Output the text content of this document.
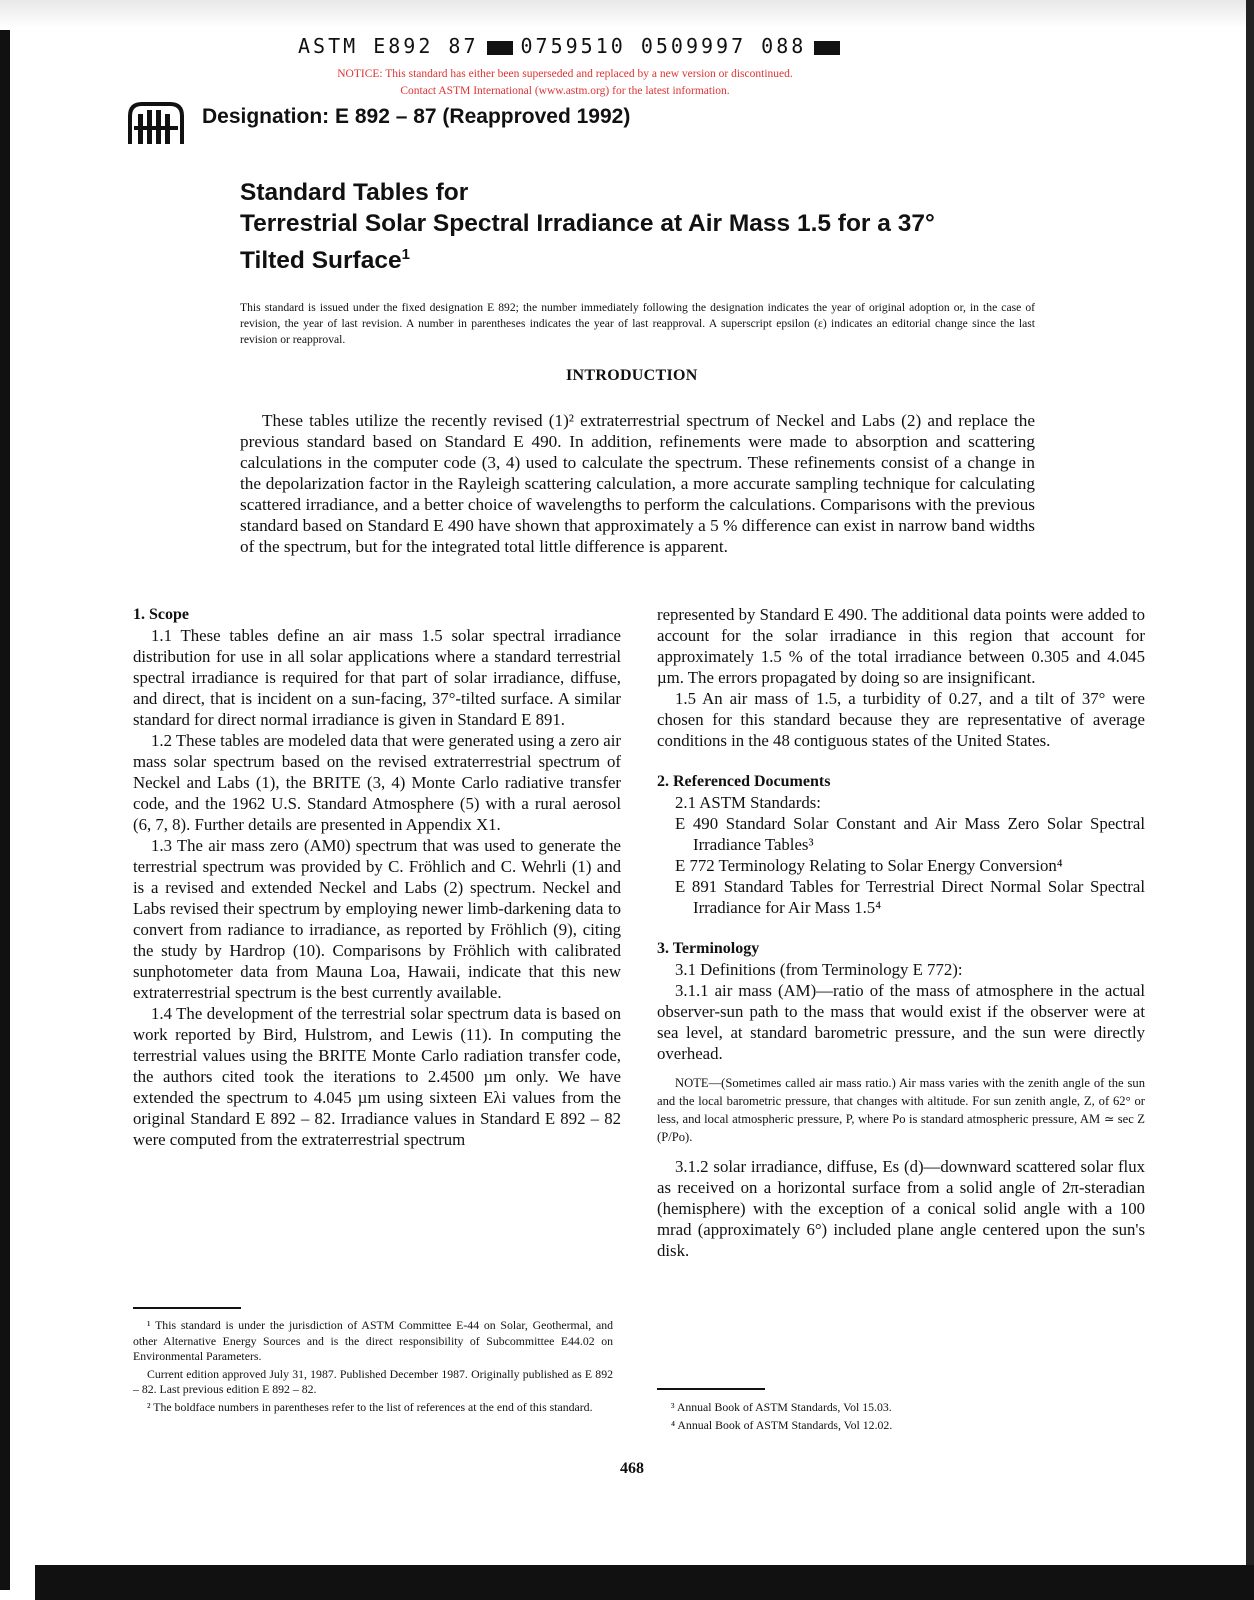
ASTM E892 87 0759510 0509997 088
NOTICE: This standard has either been superseded and replaced by a new version or discontinued.
Contact ASTM International (www.astm.org) for the latest information.
Designation: E 892 – 87 (Reapproved 1992)
Standard Tables for
Terrestrial Solar Spectral Irradiance at Air Mass 1.5 for a 37°
Tilted Surface$^1$
This standard is issued under the fixed designation E 892; the number immediately following the designation indicates the year of original adoption or, in the case of revision, the year of last revision. A number in parentheses indicates the year of last reapproval. A superscript epsilon (ε) indicates an editorial change since the last revision or reapproval.
INTRODUCTION

These tables utilize the recently revised (1)² extraterrestrial spectrum of Neckel and Labs (2) and replace the previous standard based on Standard E 490. In addition, refinements were made to absorption and scattering calculations in the computer code (3, 4) used to calculate the spectrum. These refinements consist of a change in the depolarization factor in the Rayleigh scattering calculation, a more accurate sampling technique for calculating scattered irradiance, and a better choice of wavelengths to perform the calculations. Comparisons with the previous standard based on Standard E 490 have shown that approximately a 5 % difference can exist in narrow band widths of the spectrum, but for the integrated total little difference is apparent.

1. Scope

1.1 These tables define an air mass 1.5 solar spectral irradiance distribution for use in all solar applications where a standard terrestrial spectral irradiance is required for that part of solar irradiance, diffuse, and direct, that is incident on a sun-facing, 37°-tilted surface. A similar standard for direct normal irradiance is given in Standard E 891.

1.2 These tables are modeled data that were generated using a zero air mass solar spectrum based on the revised extraterrestrial spectrum of Neckel and Labs (1), the BRITE (3, 4) Monte Carlo radiative transfer code, and the 1962 U.S. Standard Atmosphere (5) with a rural aerosol (6, 7, 8). Further details are presented in Appendix X1.

1.3 The air mass zero (AM0) spectrum that was used to generate the terrestrial spectrum was provided by C. Fröhlich and C. Wehrli (1) and is a revised and extended Neckel and Labs (2) spectrum. Neckel and Labs revised their spectrum by employing newer limb-darkening data to convert from radiance to irradiance, as reported by Fröhlich (9), citing the study by Hardrop (10). Comparisons by Fröhlich with calibrated sunphotometer data from Mauna Loa, Hawaii, indicate that this new extraterrestrial spectrum is the best currently available.

1.4 The development of the terrestrial solar spectrum data is based on work reported by Bird, Hulstrom, and Lewis (11). In computing the terrestrial values using the BRITE Monte Carlo radiation transfer code, the authors cited took the iterations to 2.4500 µm only. We have extended the spectrum to 4.045 µm using sixteen Eλi values from the original Standard E 892 – 82. Irradiance values in Standard E 892 – 82 were computed from the extraterrestrial spectrum

represented by Standard E 490. The additional data points were added to account for the solar irradiance in this region that account for approximately 1.5 % of the total irradiance between 0.305 and 4.045 µm. The errors propagated by doing so are insignificant.

1.5 An air mass of 1.5, a turbidity of 0.27, and a tilt of 37° were chosen for this standard because they are representative of average conditions in the 48 contiguous states of the United States.

2. Referenced Documents

2.1 ASTM Standards:

E 490 Standard Solar Constant and Air Mass Zero Solar Spectral Irradiance Tables³

E 772 Terminology Relating to Solar Energy Conversion⁴

E 891 Standard Tables for Terrestrial Direct Normal Solar Spectral Irradiance for Air Mass 1.5⁴

3. Terminology

3.1 Definitions (from Terminology E 772):

3.1.1 air mass (AM)—ratio of the mass of atmosphere in the actual observer-sun path to the mass that would exist if the observer were at sea level, at standard barometric pressure, and the sun were directly overhead.

NOTE—(Sometimes called air mass ratio.) Air mass varies with the zenith angle of the sun and the local barometric pressure, that changes with altitude. For sun zenith angle, Z, of 62° or less, and local atmospheric pressure, P, where Po is standard atmospheric pressure, AM ≃ sec Z (P/Po).

3.1.2 solar irradiance, diffuse, Es (d)—downward scattered solar flux as received on a horizontal surface from a solid angle of 2π-steradian (hemisphere) with the exception of a conical solid angle with a 100 mrad (approximately 6°) included plane angle centered upon the sun's disk.

¹ This standard is under the jurisdiction of ASTM Committee E-44 on Solar, Geothermal, and other Alternative Energy Sources and is the direct responsibility of Subcommittee E44.02 on Environmental Parameters.

Current edition approved July 31, 1987. Published December 1987. Originally published as E 892 – 82. Last previous edition E 892 – 82.

² The boldface numbers in parentheses refer to the list of references at the end of this standard.	³ Annual Book of ASTM Standards, Vol 15.03.

⁴ Annual Book of ASTM Standards, Vol 12.02.

468
